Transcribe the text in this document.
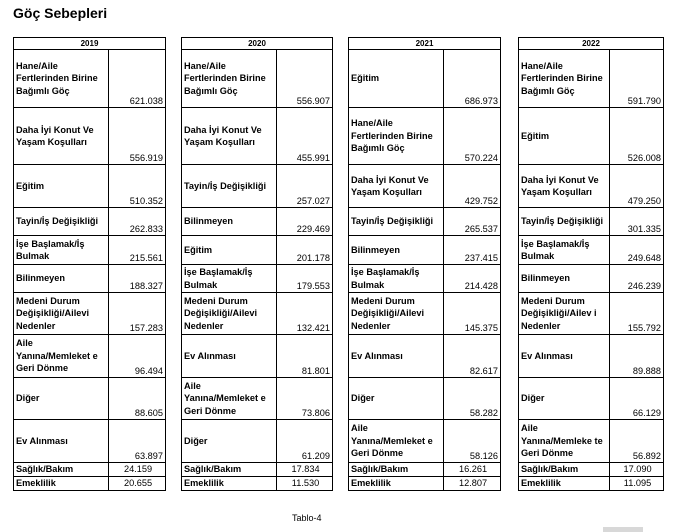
Göç Sebepleri
2019	
Hane/Aile Fertlerinden Birine Bağımlı Göç	621.038
Daha İyi Konut Ve Yaşam Koşulları	556.919
Eğitim	510.352
Tayin/İş Değişikliği	262.833
İşe Başlamak/İş Bulmak	215.561
Bilinmeyen	188.327
Medeni Durum Değişikliği/Ailevi Nedenler	157.283
Aile Yanına/Memleket e Geri Dönme	96.494
Diğer	88.605
Ev Alınması	63.897
Sağlık/Bakım	24.159
Emeklilik	20.655
2020	
Hane/Aile Fertlerinden Birine Bağımlı Göç	556.907
Daha İyi Konut Ve Yaşam Koşulları	455.991
Tayin/İş Değişikliği	257.027
Bilinmeyen	229.469
Eğitim	201.178
İşe Başlamak/İş Bulmak	179.553
Medeni Durum Değişikliği/Ailevi Nedenler	132.421
Ev Alınması	81.801
Aile Yanına/Memleket e Geri Dönme	73.806
Diğer	61.209
Sağlık/Bakım	17.834
Emeklilik	11.530
2021	
Eğitim	686.973
Hane/Aile Fertlerinden Birine Bağımlı Göç	570.224
Daha İyi Konut Ve Yaşam Koşulları	429.752
Tayin/İş Değişikliği	265.537
Bilinmeyen	237.415
İşe Başlamak/İş Bulmak	214.428
Medeni Durum Değişikliği/Ailevi Nedenler	145.375
Ev Alınması	82.617
Diğer	58.282
Aile Yanına/Memleket e Geri Dönme	58.126
Sağlık/Bakım	16.261
Emeklilik	12.807
2022	
Hane/Aile Fertlerinden Birine Bağımlı Göç	591.790
Eğitim	526.008
Daha İyi Konut Ve Yaşam Koşulları	479.250
Tayin/İş Değişikliği	301.335
İşe Başlamak/İş Bulmak	249.648
Bilinmeyen	246.239
Medeni Durum Değişikliği/Ailev i Nedenler	155.792
Ev Alınması	89.888
Diğer	66.129
Aile Yanına/Memleke te Geri Dönme	56.892
Sağlık/Bakım	17.090
Emeklilik	11.095
Tablo-4
